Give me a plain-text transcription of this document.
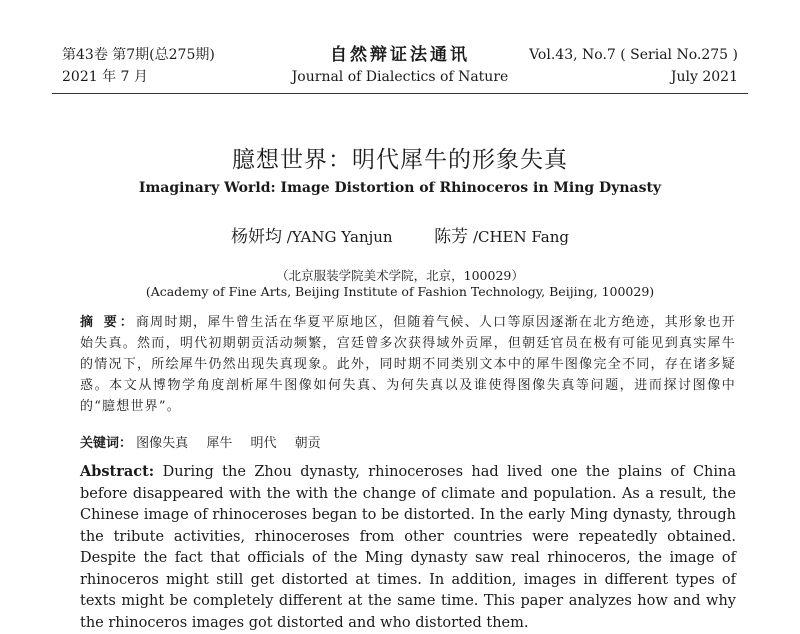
第43卷 第7期(总275期)
2021 年 7 月
自然辩证法通讯
Journal of Dialectics of Nature
Vol.43, No.7 ( Serial No.275 )
July 2021
臆想世界：明代犀牛的形象失真
Imaginary World: Image Distortion of Rhinoceros in Ming Dynasty
杨妍均 /YANG Yanjun 陈芳 /CHEN Fang
（北京服装学院美术学院，北京，100029）
(Academy of Fine Arts, Beijing Institute of Fashion Technology, Beijing, 100029)
摘 要：商周时期，犀牛曾生活在华夏平原地区，但随着气候、人口等原因逐渐在北方绝迹，其形象也开始失真。然而，明代初期朝贡活动频繁，宫廷曾多次获得域外贡犀，但朝廷官员在极有可能见到真实犀牛的情况下，所绘犀牛仍然出现失真现象。此外，同时期不同类别文本中的犀牛图像完全不同，存在诸多疑惑。本文从博物学角度剖析犀牛图像如何失真、为何失真以及谁使得图像失真等问题，进而探讨图像中的“臆想世界”。
关键词： 图像失真 犀牛 明代 朝贡
Abstract: During the Zhou dynasty, rhinoceroses had lived one the plains of China before disappeared with the with the change of climate and population. As a result, the Chinese image of rhinoceroses began to be distorted. In the early Ming dynasty, through the tribute activities, rhinoceroses from other countries were repeatedly obtained. Despite the fact that officials of the Ming dynasty saw real rhinoceros, the image of rhinoceros might still get distorted at times. In addition, images in different types of texts might be completely different at the same time. This paper analyzes how and why the rhinoceros images got distorted and who distorted them.
